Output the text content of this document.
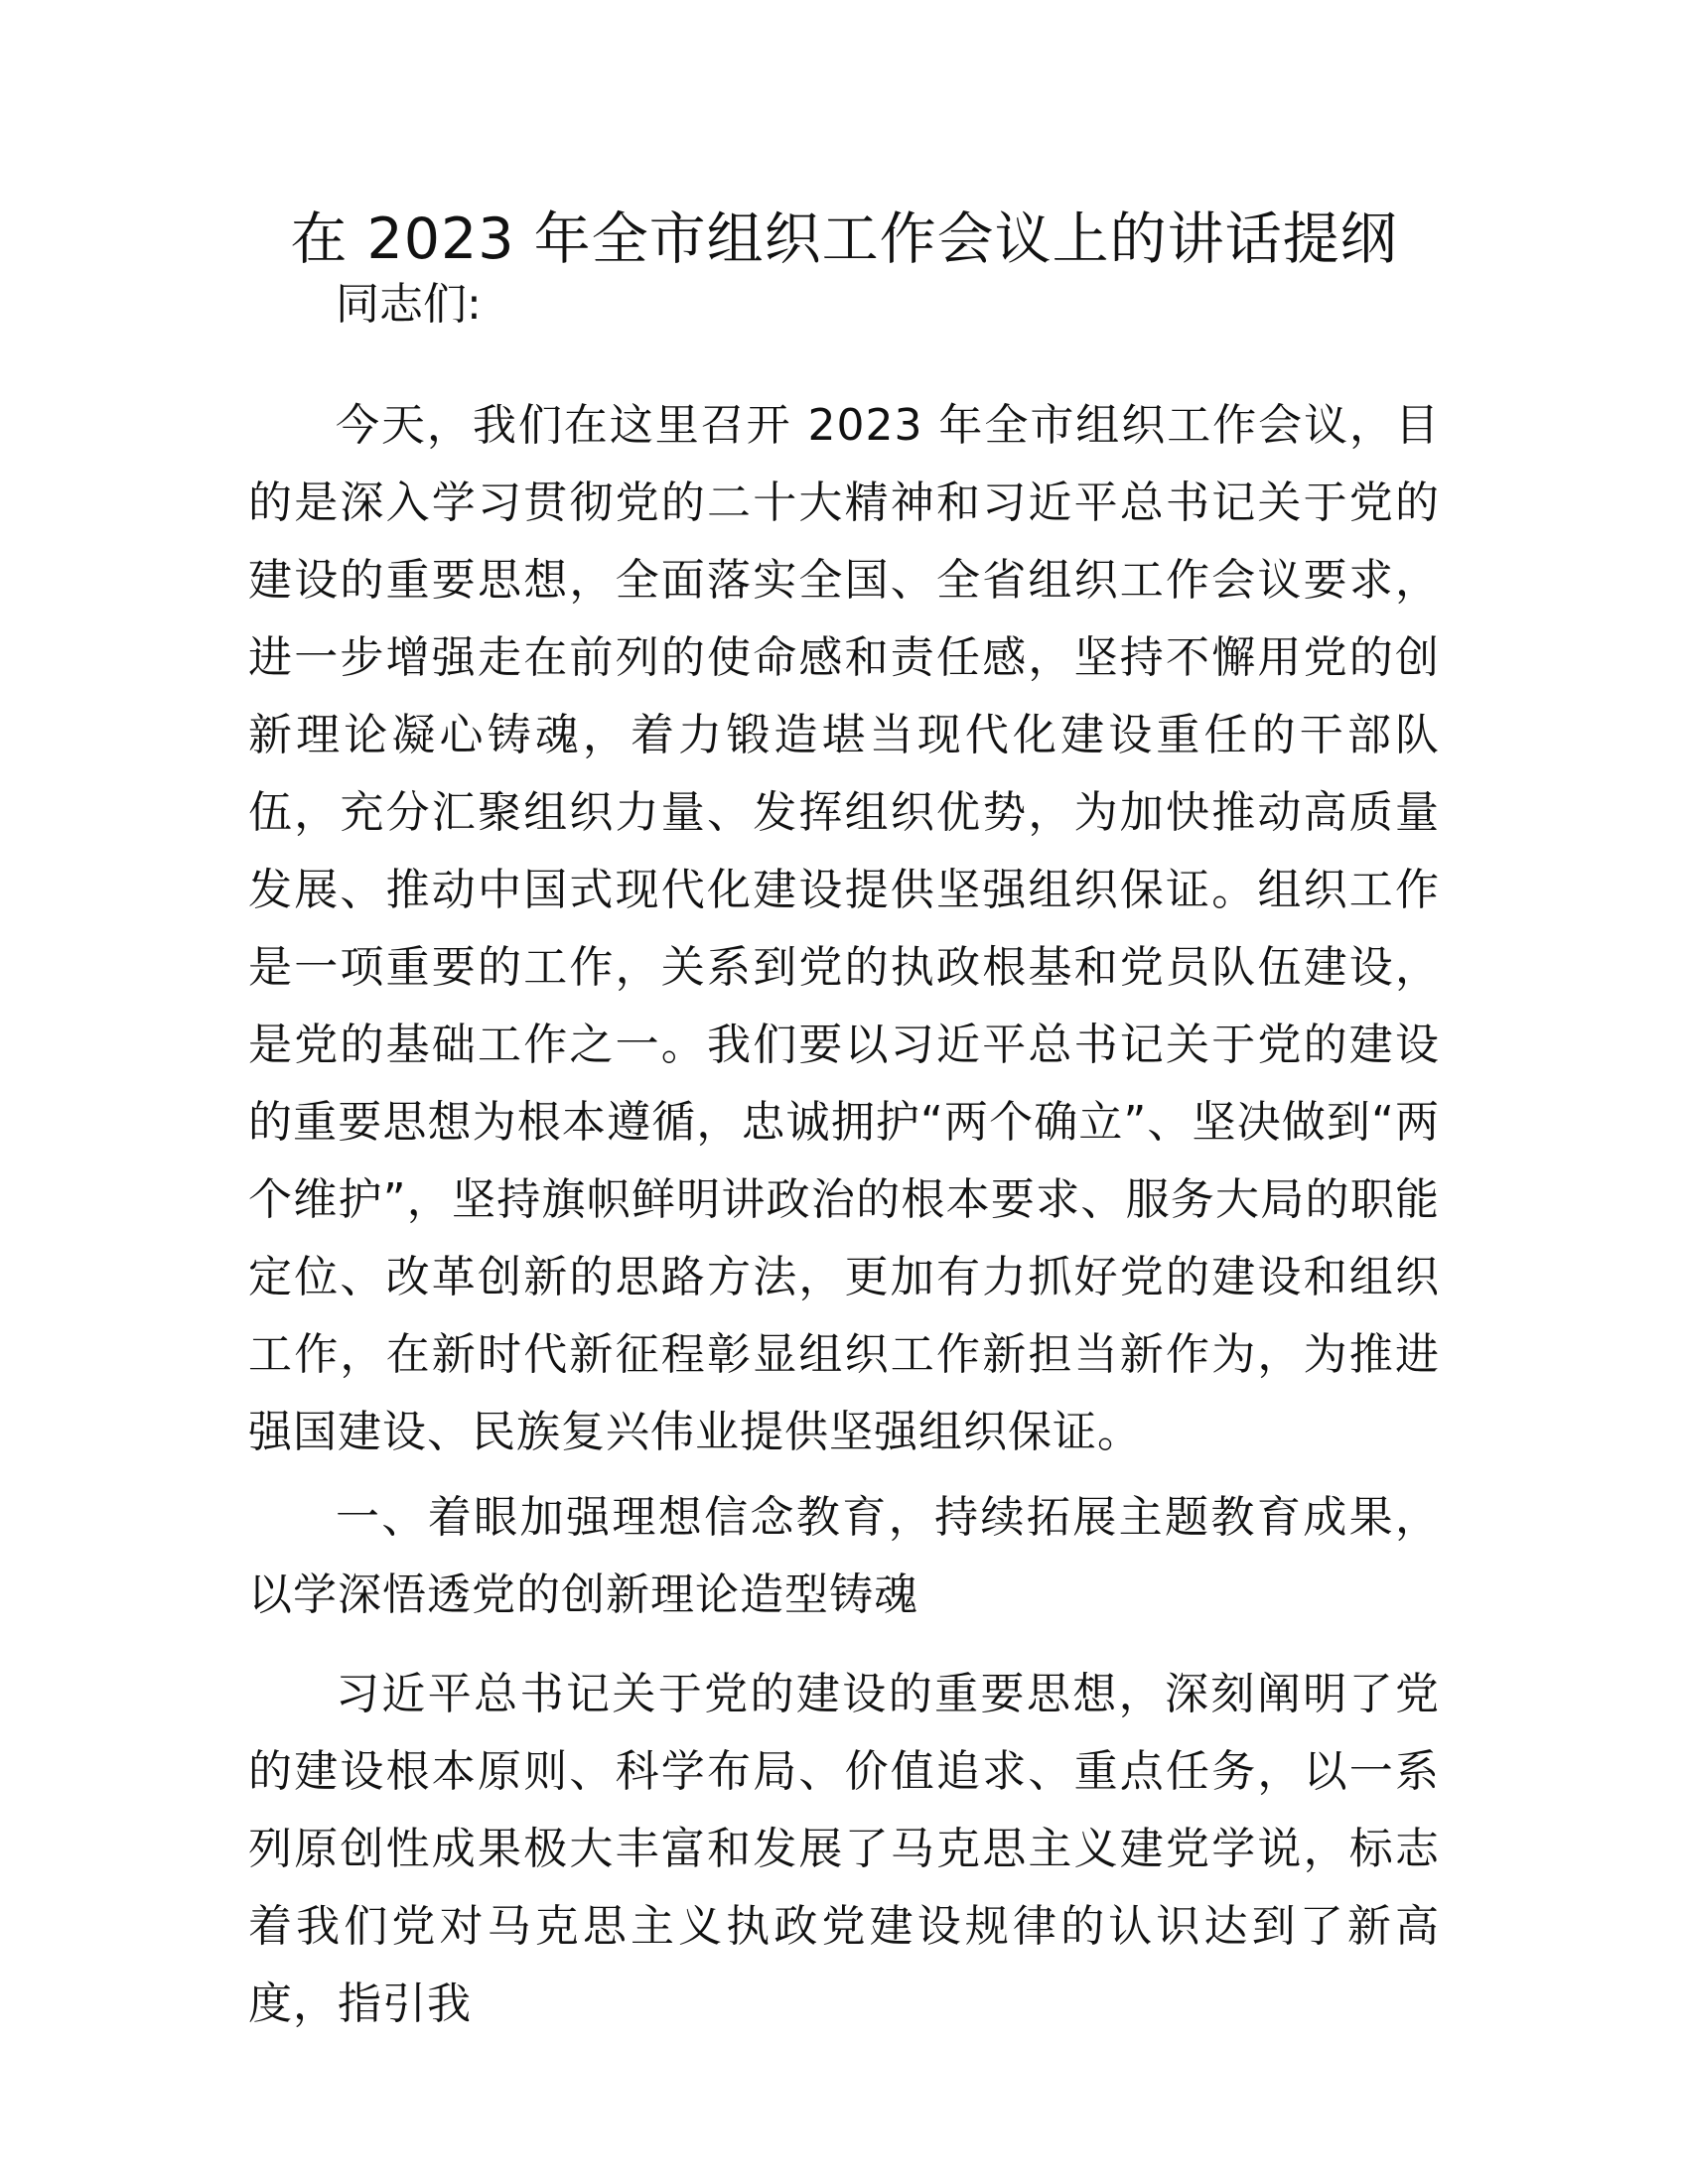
在 2023 年全市组织工作会议上的讲话提纲

同志们:

今天，我们在这里召开 2023 年全市组织工作会议，目的是深入学习贯彻党的二十大精神和习近平总书记关于党的建设的重要思想，全面落实全国、全省组织工作会议要求，进一步增强走在前列的使命感和责任感，坚持不懈用党的创新理论凝心铸魂，着力锻造堪当现代化建设重任的干部队伍，充分汇聚组织力量、发挥组织优势，为加快推动高质量发展、推动中国式现代化建设提供坚强组织保证。组织工作是一项重要的工作，关系到党的执政根基和党员队伍建设，是党的基础工作之一。我们要以习近平总书记关于党的建设的重要思想为根本遵循，忠诚拥护“两个确立”、坚决做到“两个维护”，坚持旗帜鲜明讲政治的根本要求、服务大局的职能定位、改革创新的思路方法，更加有力抓好党的建设和组织工作，在新时代新征程彰显组织工作新担当新作为，为推进强国建设、民族复兴伟业提供坚强组织保证。

一、着眼加强理想信念教育，持续拓展主题教育成果，以学深悟透党的创新理论造型铸魂

习近平总书记关于党的建设的重要思想，深刻阐明了党的建设根本原则、科学布局、价值追求、重点任务，以一系列原创性成果极大丰富和发展了马克思主义建党学说，标志着我们党对马克思主义执政党建设规律的认识达到了新高度，指引我
